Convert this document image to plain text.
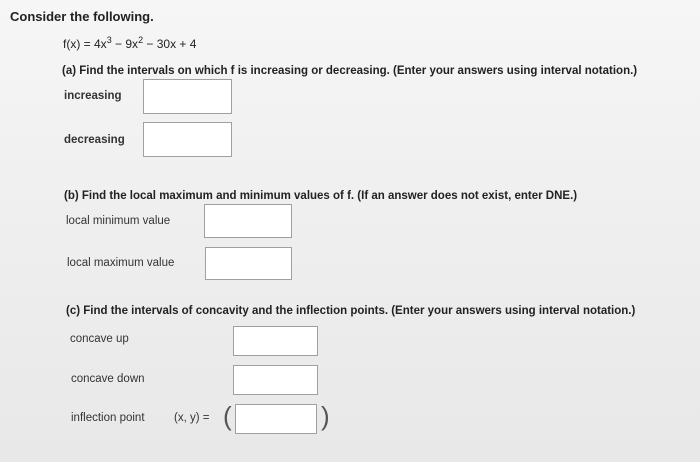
Consider the following.
$f(x) = 4x^3 - 9x^2 - 30x + 4$
(a) Find the intervals on which f is increasing or decreasing. (Enter your answers using interval notation.)
increasing
decreasing
(b) Find the local maximum and minimum values of f. (If an answer does not exist, enter DNE.)
local minimum value
local maximum value
(c) Find the intervals of concavity and the inflection points. (Enter your answers using interval notation.)
concave up
concave down
inflection point	(x, y) = (	)
